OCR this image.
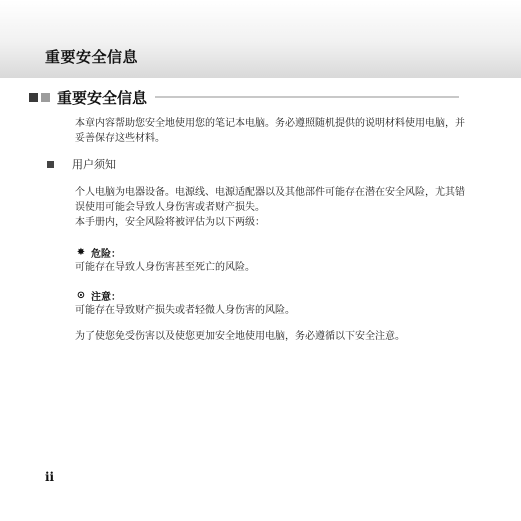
重要安全信息
重要安全信息
本章内容帮助您安全地使用您的笔记本电脑。务必遵照随机提供的说明材料使用电脑，并妥善保存这些材料。
用户须知
个人电脑为电器设备。电源线、电源适配器以及其他部件可能存在潜在安全风险，尤其错误使用可能会导致人身伤害或者财产损失。
本手册内，安全风险将被评估为以下两级：
✸ 危险：
可能存在导致人身伤害甚至死亡的风险。
⊙ 注意：
可能存在导致财产损失或者轻微人身伤害的风险。
为了使您免受伤害以及使您更加安全地使用电脑，务必遵循以下安全注意。
ii
